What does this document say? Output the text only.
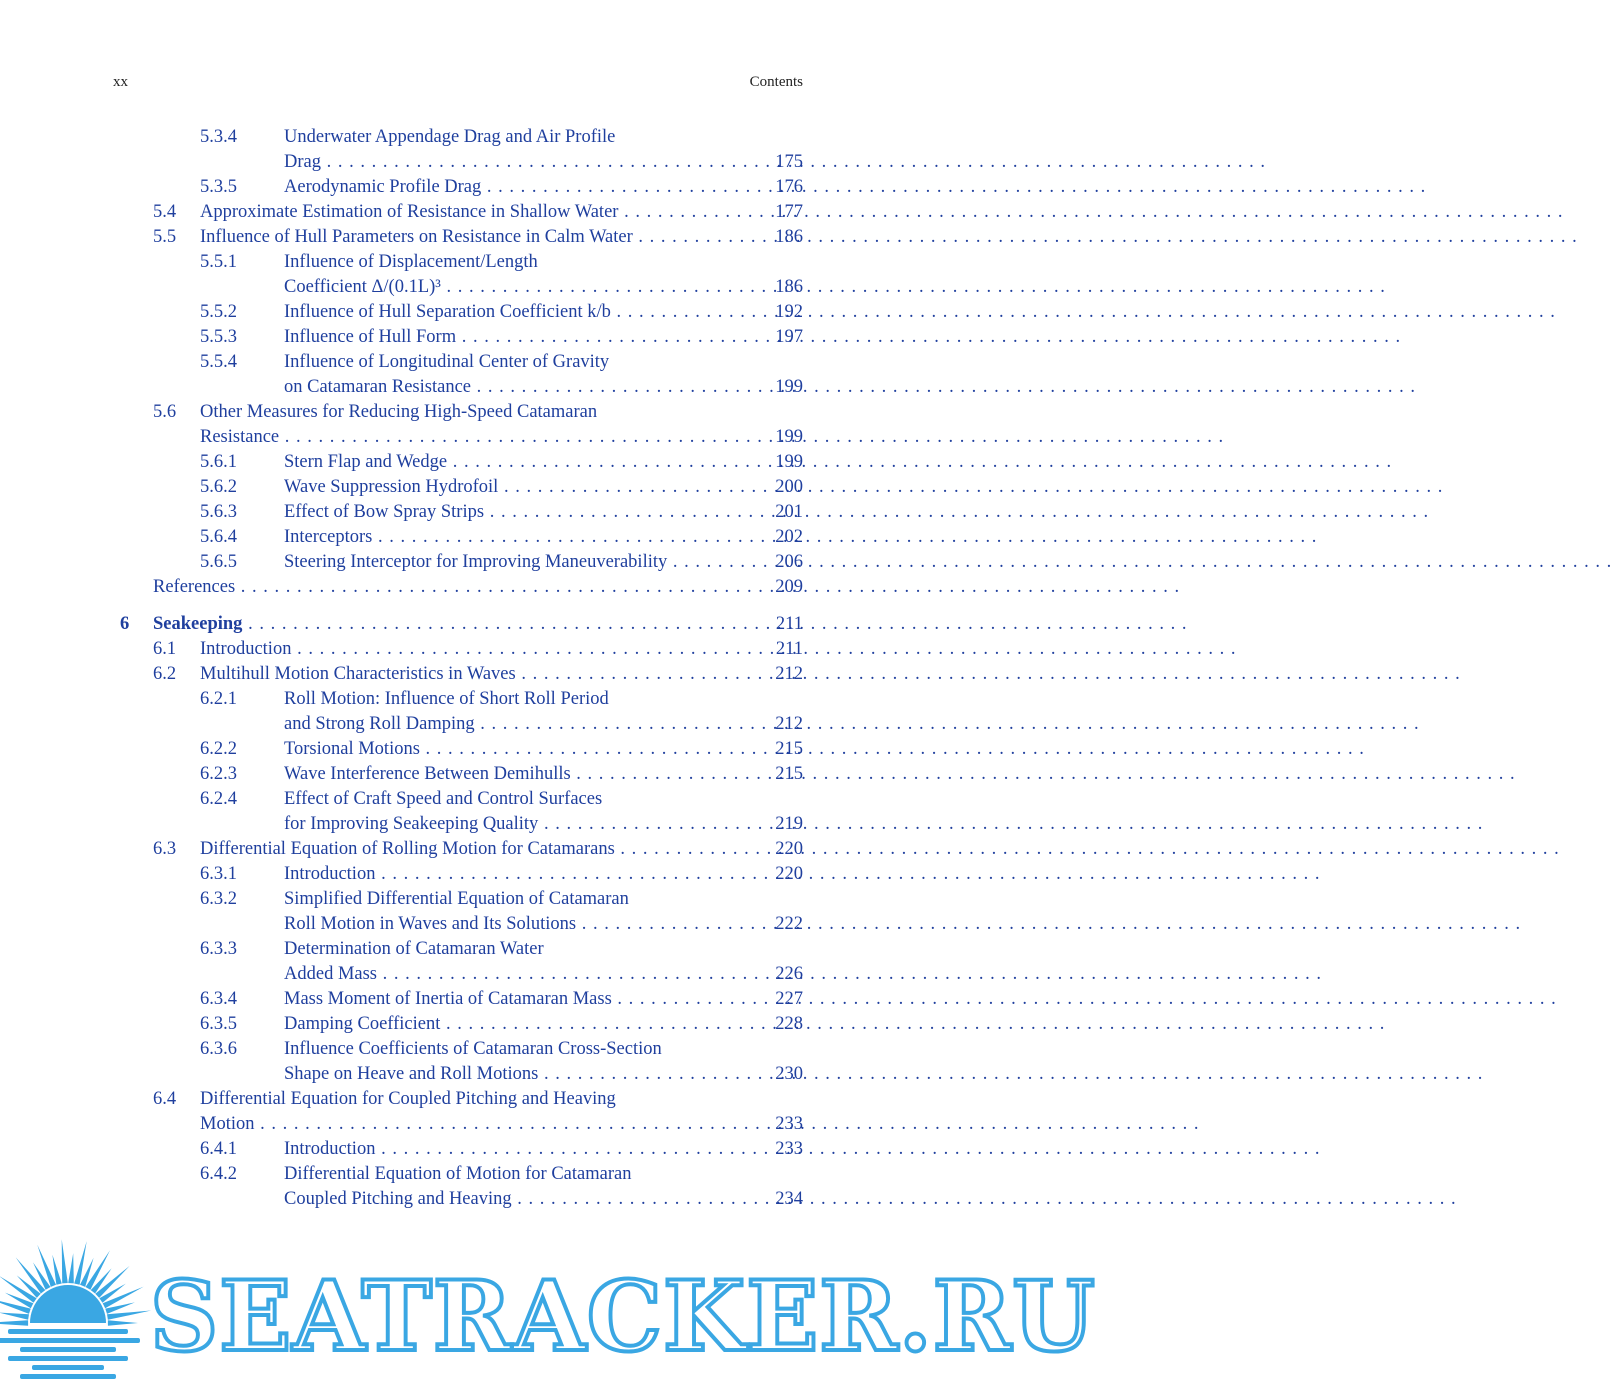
xx	Contents
5.3.4	Underwater Appendage Drag and Air Profile
Drag . . .	175
5.3.5	Aerodynamic Profile Drag . . .	176
5.4 Approximate Estimation of Resistance in Shallow Water . . .	177
5.5 Influence of Hull Parameters on Resistance in Calm Water . . .	186
5.5.1	Influence of Displacement/Length
Coefficient Δ/(0.1L)³ . . .	186
5.5.2	Influence of Hull Separation Coefficient k/b . . .	192
5.5.3	Influence of Hull Form . . .	197
5.5.4	Influence of Longitudinal Center of Gravity
on Catamaran Resistance . . .	199
5.6 Other Measures for Reducing High-Speed Catamaran
Resistance . . .	199
5.6.1	Stern Flap and Wedge . . .	199
5.6.2	Wave Suppression Hydrofoil . . .	200
5.6.3	Effect of Bow Spray Strips . . .	201
5.6.4	Interceptors . . .	202
5.6.5	Steering Interceptor for Improving Maneuverability . . .	206
References . . .	209
6 Seakeeping . . .	211
6.1 Introduction . . .	211
6.2 Multihull Motion Characteristics in Waves . . .	212
6.2.1	Roll Motion: Influence of Short Roll Period
and Strong Roll Damping . . .	212
6.2.2	Torsional Motions . . .	215
6.2.3	Wave Interference Between Demihulls . . .	215
6.2.4	Effect of Craft Speed and Control Surfaces
for Improving Seakeeping Quality . . .	219
6.3 Differential Equation of Rolling Motion for Catamarans . . .	220
6.3.1	Introduction . . .	220
6.3.2	Simplified Differential Equation of Catamaran
Roll Motion in Waves and Its Solutions . . .	222
6.3.3	Determination of Catamaran Water
Added Mass . . .	226
6.3.4	Mass Moment of Inertia of Catamaran Mass . . .	227
6.3.5	Damping Coefficient . . .	228
6.3.6	Influence Coefficients of Catamaran Cross-Section
Shape on Heave and Roll Motions . . .	230
6.4 Differential Equation for Coupled Pitching and Heaving
Motion . . .	233
6.4.1	Introduction . . .	233
6.4.2	Differential Equation of Motion for Catamaran
Coupled Pitching and Heaving . . .	234
SEATRACKER.RU
